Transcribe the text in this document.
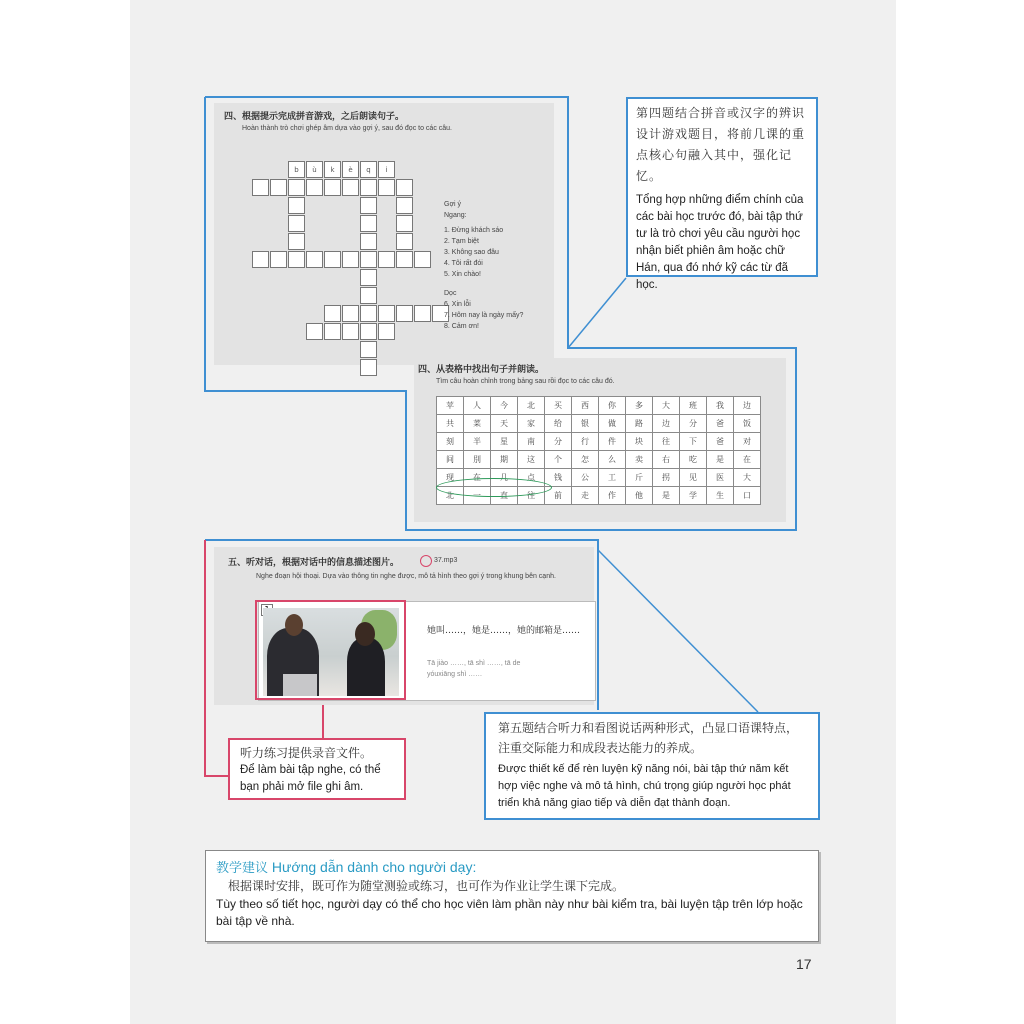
四、根据提示完成拼音游戏，之后朗读句子。
Hoàn thành trò chơi ghép âm dựa vào gợi ý, sau đó đọc to các câu.
b	ù	k	è	q	i
Gợi ý
Ngang:
1. Đừng khách sáo
2. Tạm biệt
3. Không sao đâu
4. Tôi rất đói
5. Xin chào!
Dọc
6. Xin lỗi
7. Hôm nay là ngày mấy?
8. Cảm ơn!
第四题结合拼音或汉字的辨识设计游戏题目，将前几课的重点核心句融入其中，强化记忆。
Tổng hợp những điểm chính của các bài học trước đó, bài tập thứ tư là trò chơi yêu cầu người học nhận biết phiên âm hoặc chữ Hán, qua đó nhớ kỹ các từ đã học.
四、从表格中找出句子并朗读。
Tìm câu hoàn chỉnh trong bảng sau rồi đọc to các câu đó.
苹	人	今	北	买	西	你	多	大	班	我	边
共	菜	天	家	给	银	做	路	边	分	爸	饭
刻	半	星	南	分	行	件	块	往	下	爸	对
间	別	期	这	个	怎	么	卖	右	吃	是	在
现	在	几	点	钱	公	工	斤	拐	见	医	大
北	一	直	往	前	走	作	他	是	学	生	口
五、听对话，根据对话中的信息描述图片。	37.mp3
Nghe đoạn hội thoại. Dựa vào thông tin nghe được, mô tả hình theo gợi ý trong khung bên cạnh.
她叫……，她是……，她的邮箱是……
Tā jiào ……, tā shì ……, tā de yóuxiāng shì ……
听力练习提供录音文件。
Để làm bài tập nghe, có thể bạn phải mở file ghi âm.
第五题结合听力和看图说话两种形式，凸显口语课特点，注重交际能力和成段表达能力的养成。
Được thiết kế để rèn luyện kỹ năng nói, bài tập thứ năm kết hợp việc nghe và mô tả hình, chú trọng giúp người học phát triển khả năng giao tiếp và diễn đạt thành đoạn.
教学建议 Hướng dẫn dành cho người dạy:
根据课时安排，既可作为随堂测验或练习，也可作为作业让学生课下完成。
Tùy theo số tiết học, người dạy có thể cho học viên làm phần này như bài kiểm tra, bài luyện tập trên lớp hoặc bài tập về nhà.
17
